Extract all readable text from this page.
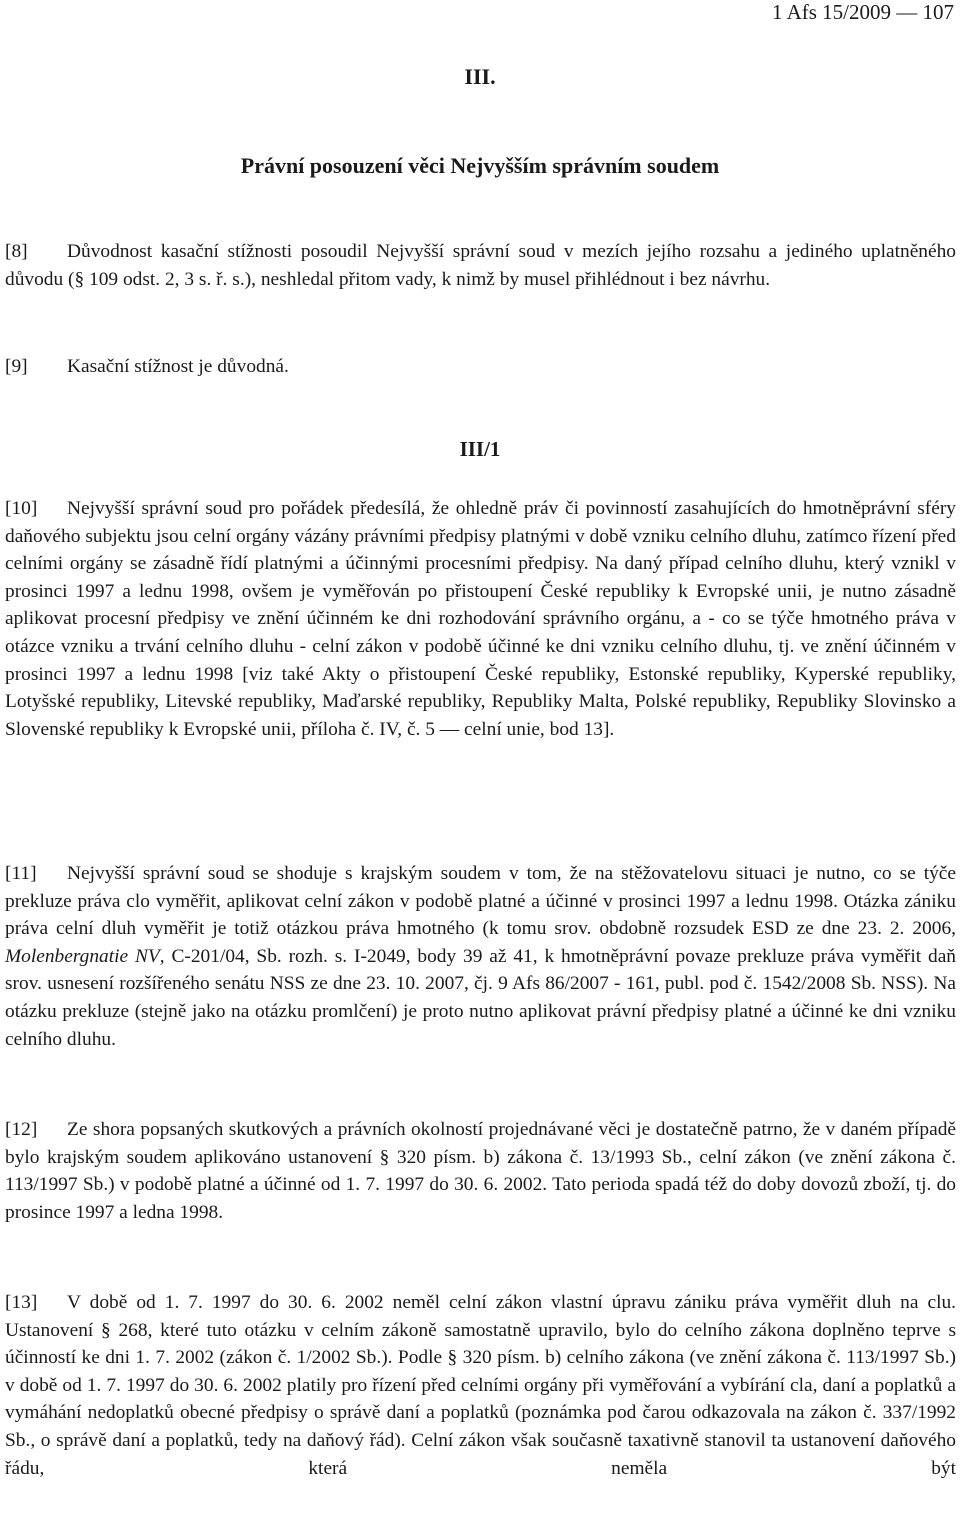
1 Afs 15/2009 — 107
III.
Právní posouzení věci Nejvyšším správním soudem

[8] Důvodnost kasační stížnosti posoudil Nejvyšší správní soud v mezích jejího rozsahu a jediného uplatněného důvodu (§ 109 odst. 2, 3 s. ř. s.), neshledal přitom vady, k nimž by musel přihlédnout i bez návrhu.

[9] Kasační stížnost je důvodná.

III/1

[10] Nejvyšší správní soud pro pořádek předesílá, že ohledně práv či povinností zasahujících do hmotněprávní sféry daňového subjektu jsou celní orgány vázány právními předpisy platnými v době vzniku celního dluhu, zatímco řízení před celními orgány se zásadně řídí platnými a účinnými procesními předpisy. Na daný případ celního dluhu, který vznikl v prosinci 1997 a lednu 1998, ovšem je vyměřován po přistoupení České republiky k Evropské unii, je nutno zásadně aplikovat procesní předpisy ve znění účinném ke dni rozhodování správního orgánu, a - co se týče hmotného práva v otázce vzniku a trvání celního dluhu - celní zákon v podobě účinné ke dni vzniku celního dluhu, tj. ve znění účinném v prosinci 1997 a lednu 1998 [viz také Akty o přistoupení České republiky, Estonské republiky, Kyperské republiky, Lotyšské republiky, Litevské republiky, Maďarské republiky, Republiky Malta, Polské republiky, Republiky Slovinsko a Slovenské republiky k Evropské unii, příloha č. IV, č. 5 — celní unie, bod 13].

[11] Nejvyšší správní soud se shoduje s krajským soudem v tom, že na stěžovatelovu situaci je nutno, co se týče prekluze práva clo vyměřit, aplikovat celní zákon v podobě platné a účinné v prosinci 1997 a lednu 1998. Otázka zániku práva celní dluh vyměřit je totiž otázkou práva hmotného (k tomu srov. obdobně rozsudek ESD ze dne 23. 2. 2006, Molenbergnatie NV, C-201/04, Sb. rozh. s. I-2049, body 39 až 41, k hmotněprávní povaze prekluze práva vyměřit daň srov. usnesení rozšířeného senátu NSS ze dne 23. 10. 2007, čj. 9 Afs 86/2007 - 161, publ. pod č. 1542/2008 Sb. NSS). Na otázku prekluze (stejně jako na otázku promlčení) je proto nutno aplikovat právní předpisy platné a účinné ke dni vzniku celního dluhu.

[12] Ze shora popsaných skutkových a právních okolností projednávané věci je dostatečně patrno, že v daném případě bylo krajským soudem aplikováno ustanovení § 320 písm. b) zákona č. 13/1993 Sb., celní zákon (ve znění zákona č. 113/1997 Sb.) v podobě platné a účinné od 1. 7. 1997 do 30. 6. 2002. Tato perioda spadá též do doby dovozů zboží, tj. do prosince 1997 a ledna 1998.

[13] V době od 1. 7. 1997 do 30. 6. 2002 neměl celní zákon vlastní úpravu zániku práva vyměřit dluh na clu. Ustanovení § 268, které tuto otázku v celním zákoně samostatně upravilo, bylo do celního zákona doplněno teprve s účinností ke dni 1. 7. 2002 (zákon č. 1/2002 Sb.). Podle § 320 písm. b) celního zákona (ve znění zákona č. 113/1997 Sb.) v době od 1. 7. 1997 do 30. 6. 2002 platily pro řízení před celními orgány při vyměřování a vybírání cla, daní a poplatků a vymáhání nedoplatků obecné předpisy o správě daní a poplatků (poznámka pod čarou odkazovala na zákon č. 337/1992 Sb., o správě daní a poplatků, tedy na daňový řád). Celní zákon však současně taxativně stanovil ta ustanovení daňového řádu, která neměla být
